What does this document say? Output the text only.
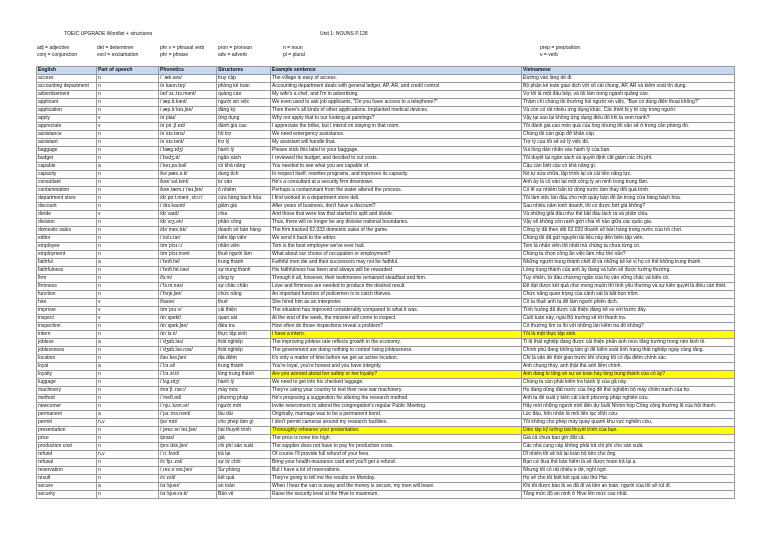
TOEIC UPGRADE Wordlist + structures	Unit 1: NOUNS P.128
adj = adjective	det = determiner	phr v = phrasal verb	pron = pronoun	n = noun	prep = preposition
conj = conjunction	excl = exclamation	phr = phrase	adv = adverb	pl = plural	v = verb
English	Part of speech	Phonetics	Structures	Example sentence	Vietnamese
access	n	/ ˈæk.ses/	truy cập	The village is easy of access.	Đường vào làng dễ đi.
accounting department	n	/əˈkaʊn.tɪŋ/	phòng kế toán	Accounting department deals with general ledger, AP, AR, and credit control.	Bộ phận kế toán giao dịch với sổ cái chung, AP, AR và kiểm soát tín dụng.
advertisement	n	/ədˈvɜː.tɪs.mənt/	quảng cáo	My wife's a chef, and I'm in advertising.	Vợ tôi là một đầu bếp, và tôi làm trong ngành quảng cáo.
applicant	n	/ˈæp.lɪ.kənt/	người xin việc	We even used to ask job applicants, "Do you have access to a telephone?"	Thậm chí chúng tôi thường hỏi người xin việc, "Bạn có dùng điện thoại không?"
application	n	/ˌæp.lɪˈkeɪ.ʃən/	đăng ký	Then there's all kinds of other applications. Implanted medical devices.	Và còn có rất nhiều ứng dụng khác. Các thiết bị y tế cấy trong người.
apply	v	/əˈplaɪ/	ứng dụng	Why not apply that to our looking at paintings?	Vậy tại sao lại không ứng dụng điều đó khi ta xem tranh?
appreciate	v	/əˈpriː.ʃi.eɪt/	đánh giá cao	I appreciate the bribe, but I intend on staying in that room.	Tôi đánh giá cao món quà của ông nhưng tôi vẫn sẽ ở trong căn phòng đó.
assistance	n	/əˈsɪs.təns/	hỗ trợ	We need emergency assistance.	Chúng tôi cần giúp đỡ khẩn cấp.
assistant	n	/əˈsɪs.tənt/	trợ lý	My assistant will handle that.	Trợ lý của tôi sẽ xử lý việc đó.
baggage	n	/ˈbæɡ.ɪdʒ/	hành lý	Please stick this label to your baggage.	Vui lòng dán nhãn vào hành lý của bạn.
budget	n	/ˈbʌdʒ.ɪt/	ngân sách	I reviewed the budget, and decided to cut costs.	Tôi duyệt lại ngân sách và quyết định cắt giảm các chi phí.
capable	a	/ˈkeɪ.pə.bəl/	có khả năng	You needed to see what you are capable of.	Cậu cần biết cậu có khả năng gì.
capacity	n	/kəˈpæs.ə.ti/	dung tích	In respect itself, rewrites programs, and improves its capacity.	Nó tự sửa chữa, lập trình lại và cải tiến năng lực.
consultant	n	/kənˈsʌl.tənt/	tư vấn	He's a consultant at a security firm downtown.	Anh ấy là cố vấn tại một công ty an ninh trong trung tâm.
contamination	n	/kənˌtæm.ɪˈneɪ.ʃən/	ô nhiễm	Perhaps a contaminant from the water altered the process.	Có lẽ sự nhiễm bẩn từ dòng nước làm thay đổi quá trình.
department store	n	/dɪˈpɑːt.mənt ˌstɔːr/	cửa hàng bách hóa	I first worked in a department store deli.	Tôi làm việc lần đầu cho một quầy bán đồ ăn trong cửa hàng bách hóa.
discount	n	/ˈdɪs.kaʊnt/	giảm giá	After years of business, don't have a discount?	Sau nhiều năm kinh doanh, tôi có được bớt giá không?
divide	v	/dɪˈvaɪd/	chia	And those that were low that started to split and divide.	Và những giải đấu như thế bắt đầu tách ra và phân chia.
division	n	/dɪˈvɪʒ.ən/	phân công	Thus, there will no longer be any divisive national boundaries.	Vậy sẽ không còn ranh giới chia rẽ nào giữa các quốc gia.
domestic sales	n	/dəˈmes.tɪk/	doanh số bán hàng	The firm tracked 62,033 domestic sales of the game.	Công ty đã theo dõi 62.033 doanh số bán hàng trong nước của trò chơi.
editor	n	/ˈed.ɪ.tər/	biên tập viên	We send it back to the editor.	Chúng tôi đã gửi nguyên tài liệu này đến biên tập viên.
employee	n	/ɪmˈplɔɪ.iː/	nhân viên	Tom is the best employee we've ever had.	Tom là nhân viên tốt nhất mà chúng ta chưa từng có.
employment	n	/ɪmˈplɔɪ.mənt	thuê người làm	What about our choice of occupation or employment?	Chúng ta chọn công ăn việc làm như thế nào?
faithful	a	/ˈfeɪθ.fəl/	trung thành	Faithful men die and their successors may not be faithful.	Những người trung thành chết đi và những kẻ kế vị họ có thể không trung thành.
faithfulness	n	/ˈfeɪθ.fəl.nəs/	sự trung thành	His faithfulness has been and always will be rewarded.	Lòng trung thành của anh ấy đang và luôn sẽ được tưởng thưởng.
firm	n	/fɜːm/	công ty	Through it all, however, their testimonies remained steadfast and firm.	Tuy nhiên, từ đầu chương ngắn của họ vẫn vững chắc và kiên cố.
firmness	n	/ˈfɜːm.nəs/	sự chắc chắn	Love and firmness are needed to produce the desired result.	Để đạt được kết quả như mong muốn thì tình yêu thương và sự kiên quyết là điều cần thiết.
function	n	/ˈfʌŋk.ʃən/	chức năng	An important function of policemen is to catch thieves.	Chức năng quan trọng của cảnh sát là bắt bọn trộm.
hire	v	/haɪər/	thuê	She hired him as an interpreter.	Cô ta thuê anh ta để làm người phiên dịch.
improve	v	/ɪmˈpruːv/	cải thiện	The situation has improved considerably compared to what it was.	Tình huống đã được cải thiện đáng kể so với trước đây.
inspect	v	/ɪnˈspekt/	quan sát	At the end of the week, the minister will come to inspect.	Cuối tuần này, ngài Bộ trưởng sẽ tới thanh tra.
inspection	n	/ɪnˈspek.ʃən/	điều tra	How often do those inspections reveal a problem?	Có thường tìm ra lỗi với những lần kiểm tra đó không?
intern	n	/ɪnˈtɜːn/	thực tập sinh	I have a intern.	Tôi là một thực tập sinh.
jobless	a	/ˈdʒɒb.ləs/	thất nghiệp	The improving jobless rate reflects growth in the economy.	Tỉ lệ thất nghiệp đang được cải thiện phản ánh mức tăng trưởng trong nền kinh tế.
joblessness	n	/ˈdʒɒb.ləs.nəs/	thất nghiệp	The government are doing nothing to control rising joblessness.	Chính phủ đang không làm gì để kiểm soát tình trạng thất nghiệp ngày càng tăng.
location	n	/ləʊˈkeɪ.ʃən/	địa điểm	It's only a matter of time before we get an active location.	Chỉ là vấn đề thời gian trước khi chúng tôi có địa điểm chính xác.
loyal	a	/ˈlɔɪ.əl/	trung thành	You're loyal, you're honest and you have integrity.	Anh chung thủy, anh thật thà anh liêm chính.
loyalty	n	/ˈlɔɪ.əl.ti/	lòng trung thành	Are you worried about her safety or her loyalty?	Anh đang lo lắng về sự an toàn hay lòng trung thành của cô ấy?
luggage	n	/ˈlʌɡ.ɪdʒ/	hành lý	We need to get into his checked luggage.	Chúng ta cần phải kiểm tra hành lý của gã này.
machinery	n	/məˈʃiː.nər.i/	máy móc	They're using your country to test their new war machinery.	Họ đang dùng đất nước của ông để thử nghiệm bộ máy chiến tranh của họ.
method	n	/ˈmeθ.əd/	phương pháp	He's proposing a suggestion for altering the research method.	Anh ta đề xuất ý kiến cải cách phương pháp nghiên cứu.
newcomer	n	/ˈnjuː.kʌm.ər/	người mới	Invite newcomers to attend the congregation's regular Public Meeting.	Hãy mời những người mới đến dự buổi Nhóm họp Công cộng thường lệ của hội thánh.
permanent	a	/ˈpɜː.mə.nənt/	lâu dài	Originally, marriage was to be a permanent bond.	Lúc đầu, hôn nhân là mối liên lạc vĩnh cửu.
permit	n,v	/pəˈmɪt/	cho phép làm gì	I don't permit cameras around my research facilities.	Tôi không cho phép máy quay quanh khu vực nghiên cứu.
presentation	n	/ˌprez.ənˈteɪ.ʃən/	bài thuyết trình	Thoroughly rehearse your presentation.	Diễn tập kỹ lưỡng bài thuyết trình của bạn.
price	n	/praɪs/	giá	The price is none too high.	Giá cả chưa bao giờ đắt cả.
production cost	n	/prəˈdʌk.ʃən/	chi phí sản xuất	The supplier does not have to pay for production costs.	Các nhà cung cấp không phải trả chi phí cho sản xuất.
refund	n,v	/ˈriː.fʌnd/	trả lại	Of course I'll provide full refund of your fees.	Dĩ nhiên tôi sẽ trả lại toàn bộ tiền cho ông.
refusal	n	/rɪˈfjuː.zəl/	sự từ chối	Bring your health-insurance card and you'll get a refund.	Bạn cứ đưa thẻ bảo hiểm là sẽ được hoàn trả lại ạ.
reservation	n	/ˌrez.əˈveɪ.ʃən/	Sự phòng	But I have a lot of reservations.	Nhưng tôi có rất nhiều e dè, nghi ngờ.
result	n	/rɪˈzʌlt/	kết quả	They're going to tell me the results on Monday.	Họ sẽ cho tôi biết kết quả vào thứ Hai.
secure	a	/sɪˈkjʊər/	an toàn	When I hear the van is away and the money is secure, my men will leave.	Khi tôi được báo là xe đã đi và tiền an toàn, người của tôi sẽ rút đi.
security	n	/sɪˈkjʊə.rə.ti/	Bảo vệ	Raise the security level at the Hive to maximum.	Tăng mức độ an ninh ở Hive lên mức cao nhất.
